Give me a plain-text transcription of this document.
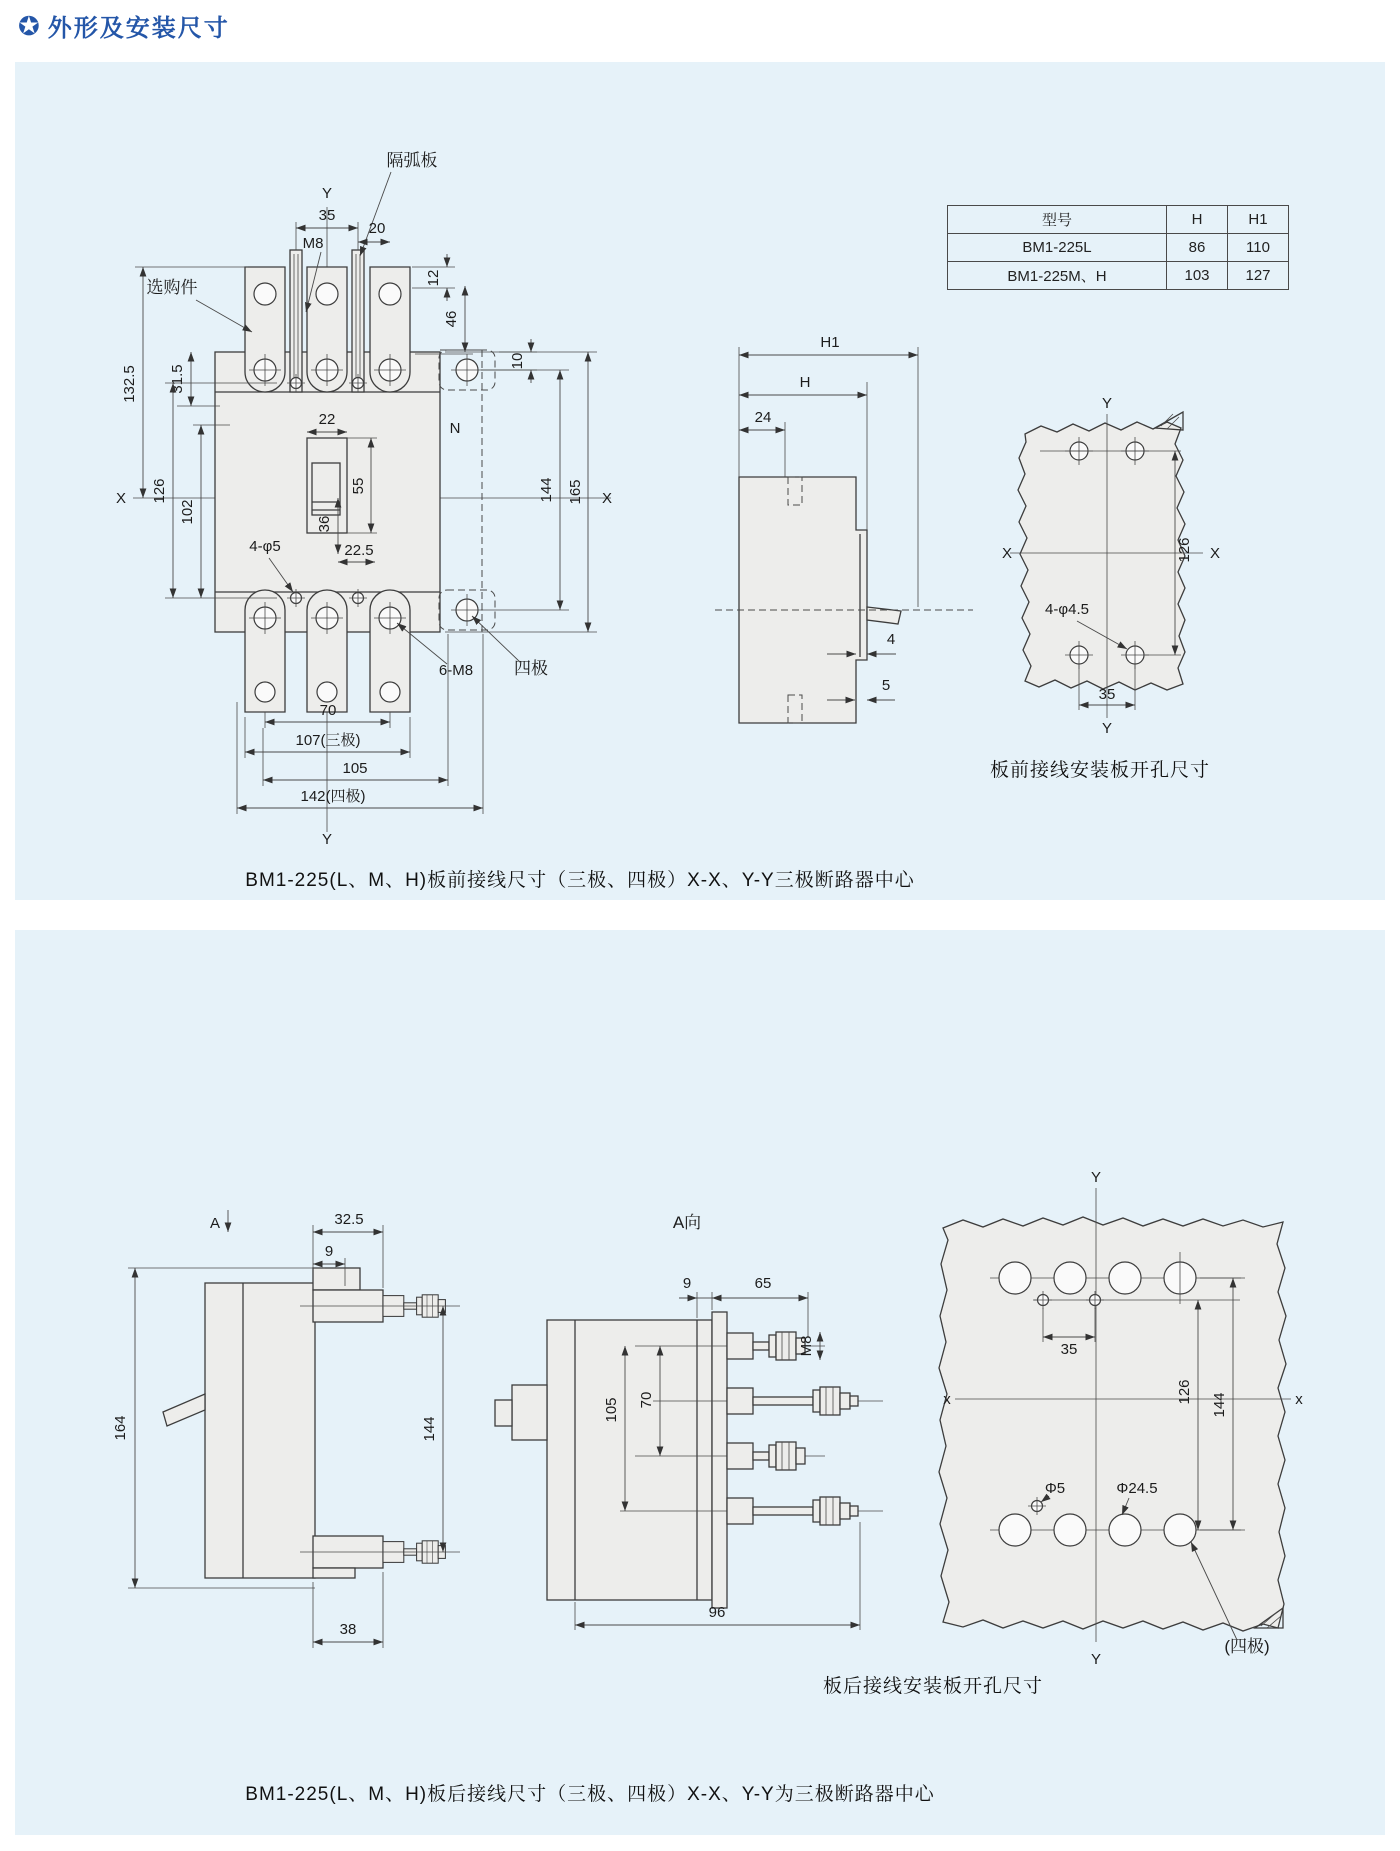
✪ 外形及安装尺寸
Y
35
M8
隔弧板
20
12
46
10
选购件
132.5 31.5
X 126
102
22
55
36
4-φ5	22.5
N
165
144	X
6-M8 四极
70
107(三极)
105
142(四极)
Y
H1
H
24
4
5
Y
X	X
126
4-φ4.5
35
Y
板前接线安装板开孔尺寸
BM1-225(L、M、H)板前接线尺寸（三极、四极）X-X、Y-Y三极断路器中心
型号	H	H1
BM1-225L	86	110
BM1-225M、H	103	127
A	32.5
9
164	144
38
A向
9	65
M8
105 70
96
Y
x	x
35
Φ5	Φ24.5
126
144
(四极)
Y
板后接线安装板开孔尺寸
BM1-225(L、M、H)板后接线尺寸（三极、四极）X-X、Y-Y为三极断路器中心
